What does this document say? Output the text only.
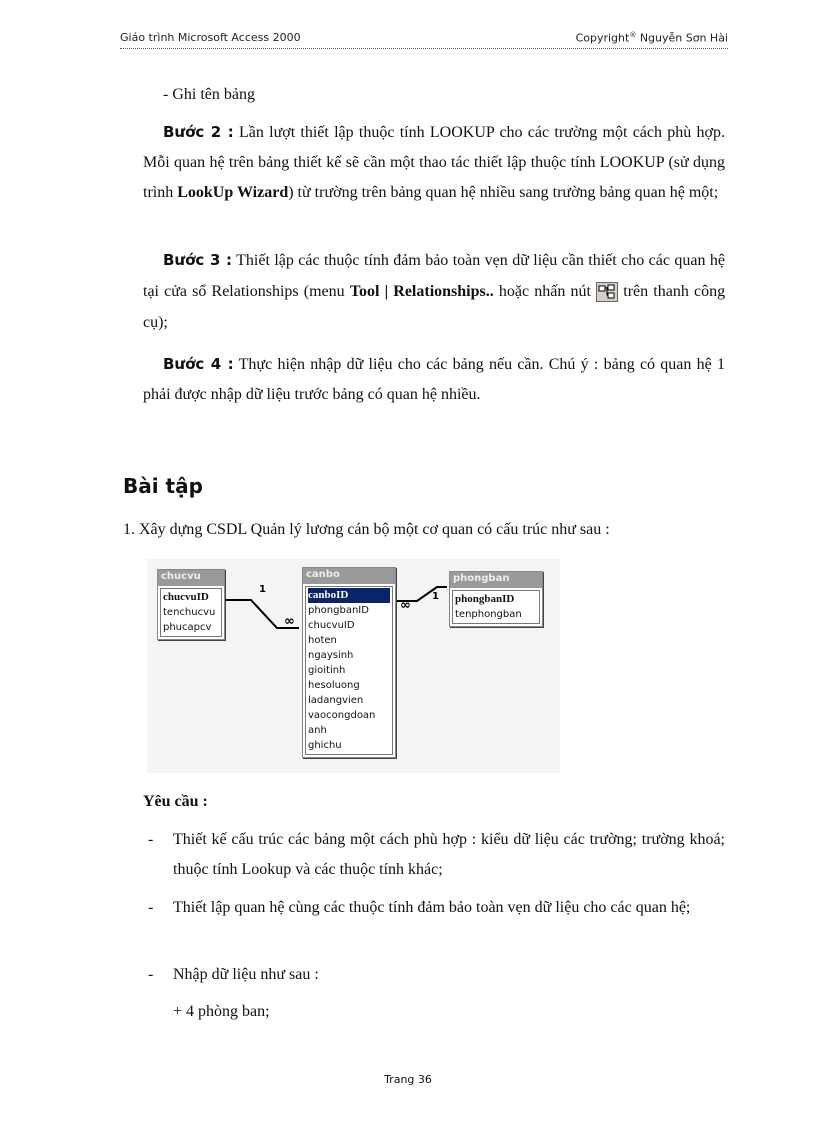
Giáo trình Microsoft Access 2000	Copyright® Nguyễn Sơn Hài
- Ghi tên bảng
Bước 2 : Lần lượt thiết lập thuộc tính LOOKUP cho các trường một cách phù hợp. Mỗi quan hệ trên bảng thiết kế sẽ cần một thao tác thiết lập thuộc tính LOOKUP (sử dụng trình LookUp Wizard) từ trường trên bảng quan hệ nhiều sang trường bảng quan hệ một;
Bước 3 : Thiết lập các thuộc tính đảm bảo toàn vẹn dữ liệu cần thiết cho các quan hệ tại cửa sổ Relationships (menu Tool | Relationships.. hoặc nhấn nút trên thanh công cụ);
Bước 4 : Thực hiện nhập dữ liệu cho các bảng nếu cần. Chú ý : bảng có quan hệ 1 phải được nhập dữ liệu trước bảng có quan hệ nhiều.
Bài tập
1. Xây dựng CSDL Quản lý lương cán bộ một cơ quan có cấu trúc như sau :
1
∞
∞
1
chucvu
chucvuID
tenchucvu
phucapcv
canbo
canboID
phongbanID
chucvuID
hoten
ngaysinh
gioitinh
hesoluong
ladangvien
vaocongdoan
anh
ghichu
phongban
phongbanID
tenphongban
Yêu cầu :
-	Thiết kế cấu trúc các bảng một cách phù hợp : kiểu dữ liệu các trường; trường khoá; thuộc tính Lookup và các thuộc tính khác;
-	Thiết lập quan hệ cùng các thuộc tính đảm bảo toàn vẹn dữ liệu cho các quan hệ;
-	Nhập dữ liệu như sau :
+ 4 phòng ban;
Trang 36
